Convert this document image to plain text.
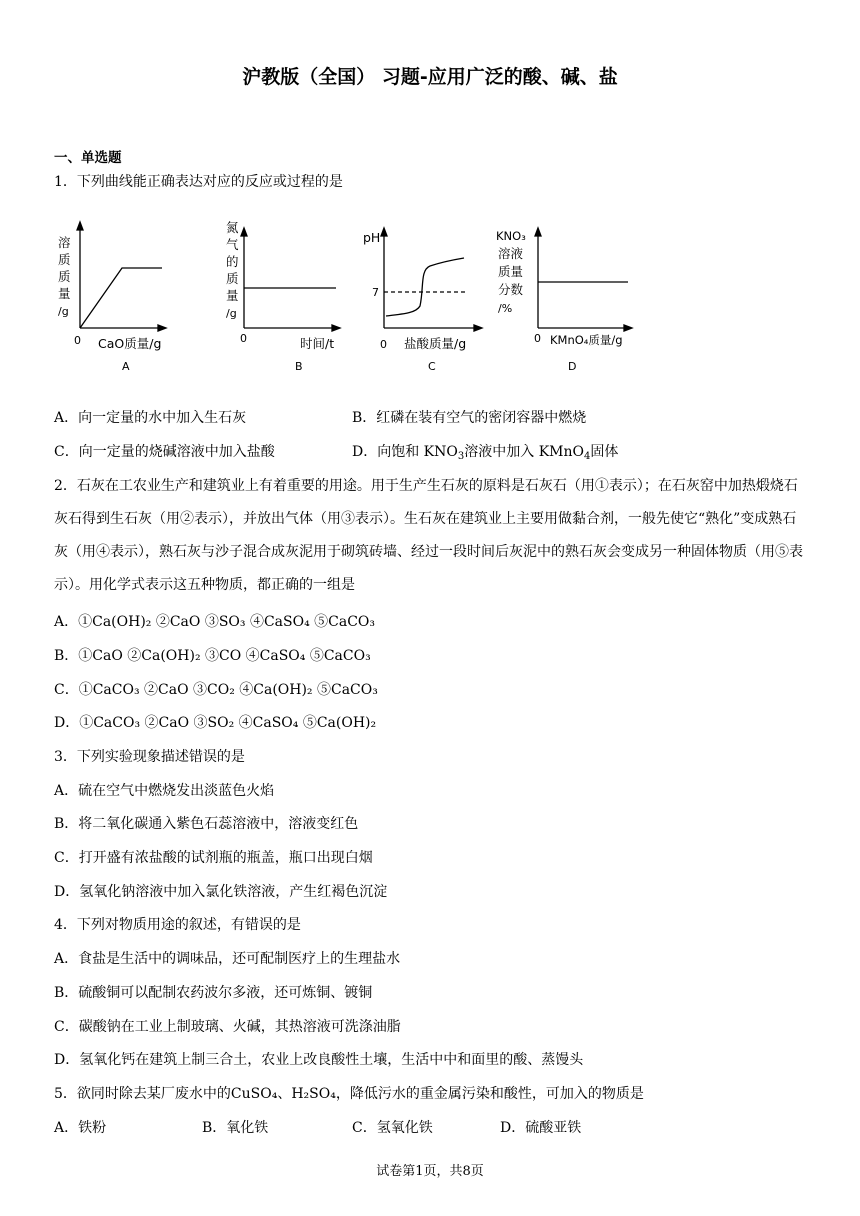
沪教版（全国） 习题-应用广泛的酸、碱、盐
一、单选题
1．下列曲线能正确表达对应的反应或过程的是
溶
质
质
量
/g
0 CaO质量/g
A
氮
气
的
质
量
/g
0	时间/t
B
pH
7
0 盐酸质量/g
C
KNO₃
溶液
质量
分数
/%
0 KMnO₄质量/g
D
A．向一定量的水中加入生石灰	B．红磷在装有空气的密闭容器中燃烧
C．向一定量的烧碱溶液中加入盐酸	D．向饱和 $KNO_3$溶液中加入 KMnO$_4$固体
2．石灰在工农业生产和建筑业上有着重要的用途。用于生产生石灰的原料是石灰石（用①表示）；在石灰窑中加热煅烧石灰石得到生石灰（用②表示），并放出气体（用③表示）。生石灰在建筑业上主要用做黏合剂，一般先使它“熟化”变成熟石灰（用④表示），熟石灰与沙子混合成灰泥用于砌筑砖墙、经过一段时间后灰泥中的熟石灰会变成另一种固体物质（用⑤表示）。用化学式表示这五种物质，都正确的一组是
A．①Ca(OH)₂ ②CaO ③SO₃ ④CaSO₄ ⑤CaCO₃
B．①CaO ②Ca(OH)₂ ③CO ④CaSO₄ ⑤CaCO₃
C．①CaCO₃ ②CaO ③CO₂ ④Ca(OH)₂ ⑤CaCO₃
D．①CaCO₃ ②CaO ③SO₂ ④CaSO₄ ⑤Ca(OH)₂
3．下列实验现象描述错误的是
A．硫在空气中燃烧发出淡蓝色火焰
B．将二氧化碳通入紫色石蕊溶液中，溶液变红色
C．打开盛有浓盐酸的试剂瓶的瓶盖，瓶口出现白烟
D．氢氧化钠溶液中加入氯化铁溶液，产生红褐色沉淀
4．下列对物质用途的叙述，有错误的是
A．食盐是生活中的调味品，还可配制医疗上的生理盐水
B．硫酸铜可以配制农药波尔多液，还可炼铜、镀铜
C．碳酸钠在工业上制玻璃、火碱，其热溶液可洗涤油脂
D．氢氧化钙在建筑上制三合土，农业上改良酸性土壤，生活中中和面里的酸、蒸馒头
5．欲同时除去某厂废水中的CuSO₄、H₂SO₄，降低污水的重金属污染和酸性，可加入的物质是
A．铁粉	B．氧化铁	C．氢氧化铁	D．硫酸亚铁
试卷第1页，共8页
